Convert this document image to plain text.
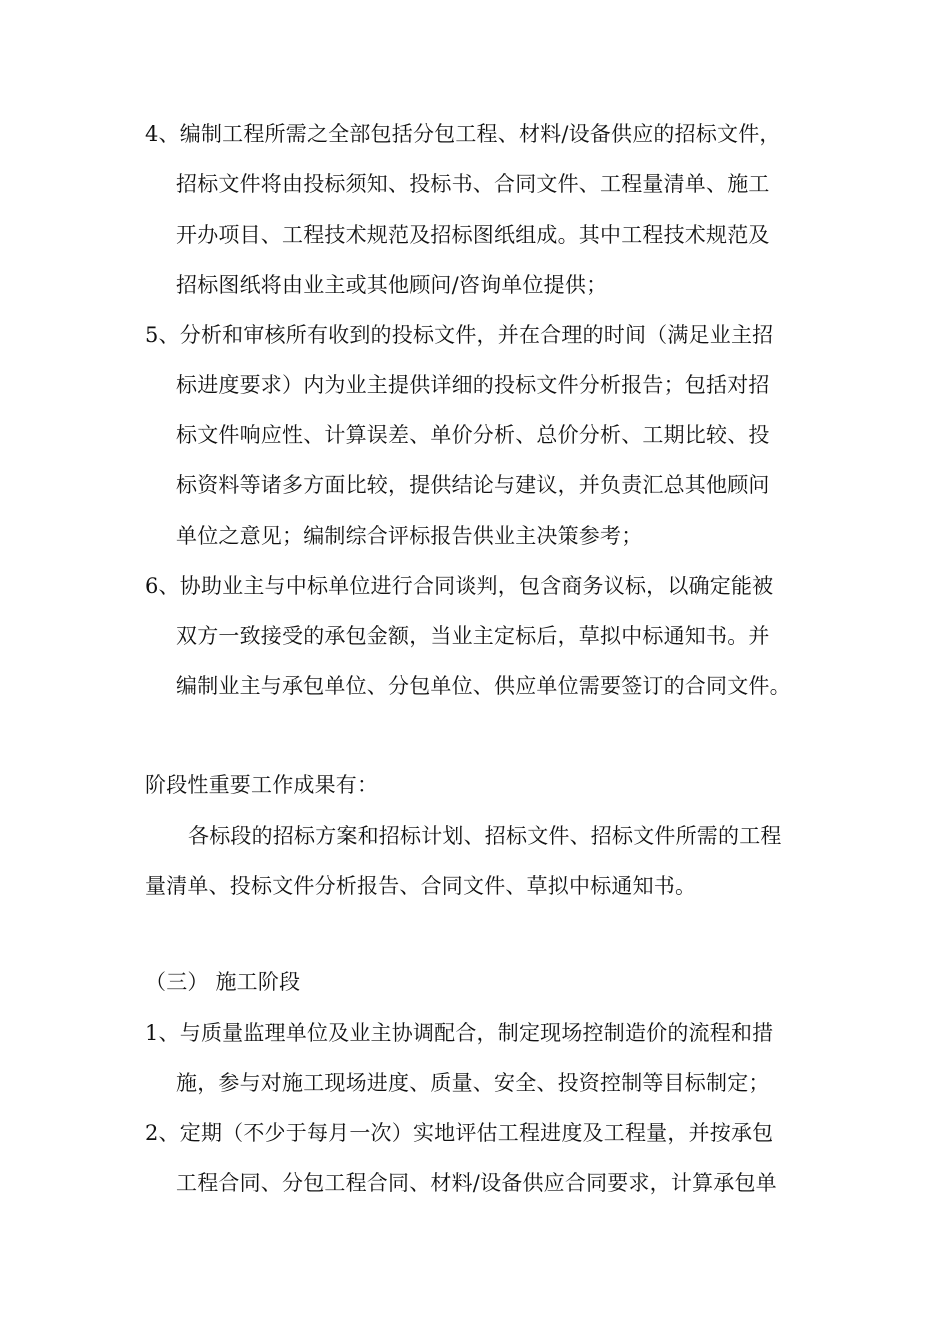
4、编制工程所需之全部包括分包工程、材料/设备供应的招标文件，
招标文件将由投标须知、投标书、合同文件、工程量清单、施工
开办项目、工程技术规范及招标图纸组成。其中工程技术规范及
招标图纸将由业主或其他顾问/咨询单位提供；
5、分析和审核所有收到的投标文件，并在合理的时间（满足业主招
标进度要求）内为业主提供详细的投标文件分析报告；包括对招
标文件响应性、计算误差、单价分析、总价分析、工期比较、投
标资料等诸多方面比较，提供结论与建议，并负责汇总其他顾问
单位之意见；编制综合评标报告供业主决策参考；
6、协助业主与中标单位进行合同谈判，包含商务议标，以确定能被
双方一致接受的承包金额，当业主定标后，草拟中标通知书。并
编制业主与承包单位、分包单位、供应单位需要签订的合同文件。
阶段性重要工作成果有：
各标段的招标方案和招标计划、招标文件、招标文件所需的工程
量清单、投标文件分析报告、合同文件、草拟中标通知书。
（三） 施工阶段
1、与质量监理单位及业主协调配合，制定现场控制造价的流程和措
施，参与对施工现场进度、质量、安全、投资控制等目标制定；
2、定期（不少于每月一次）实地评估工程进度及工程量，并按承包
工程合同、分包工程合同、材料/设备供应合同要求，计算承包单
